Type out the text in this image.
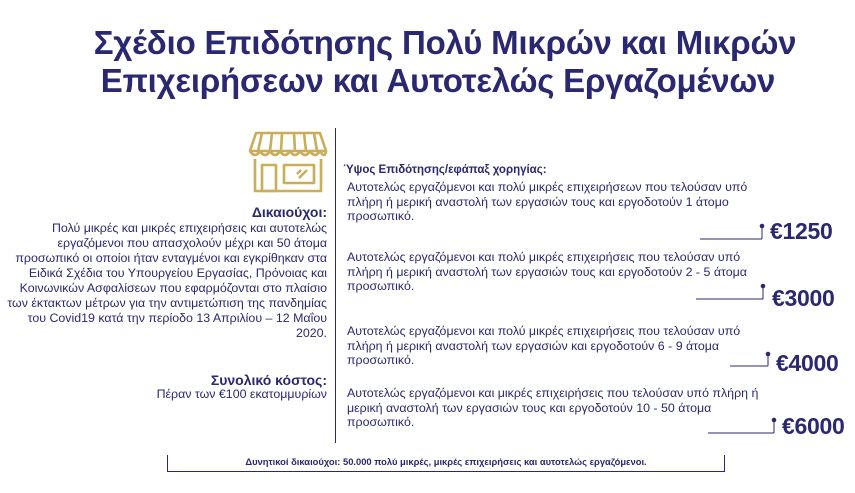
Σχέδιο Επιδότησης Πολύ Μικρών και Μικρών

Επιχειρήσεων και Αυτοτελώς Εργαζομένων
Δικαιούχοι:
Πολύ μικρές και μικρές επιχειρήσεις και αυτοτελώς εργαζόμενοι που απασχολούν μέχρι και 50 άτομα προσωπικό οι οποίοι ήταν ενταγμένοι και εγκρίθηκαν στα Ειδικά Σχέδια του Υπουργείου Εργασίας, Πρόνοιας και Κοινωνικών Ασφαλίσεων που εφαρμόζονται στο πλαίσιο των έκτακτων μέτρων για την αντιμετώπιση της πανδημίας του Covid19 κατά την περίοδο 13 Απριλίου – 12 Μαΐου 2020.
Συνολικό κόστος:
Πέραν των €100 εκατομμυρίων
Ύψος Επιδότησης/εφάπαξ χορηγίας:
Αυτοτελώς εργαζόμενοι και πολύ μικρές επιχειρήσεων που τελούσαν υπό πλήρη ή μερική αναστολή των εργασιών τους και εργοδοτούν 1 άτομο προσωπικό.
Αυτοτελώς εργαζόμενοι και πολύ μικρές επιχειρήσεις που τελούσαν υπό πλήρη ή μερική αναστολή των εργασιών τους και εργοδοτούν 2 - 5 άτομα προσωπικό.
Αυτοτελώς εργαζόμενοι και πολύ μικρές επιχειρήσεις που τελούσαν υπό πλήρη ή μερική αναστολή των εργασιών και εργοδοτούν 6 - 9 άτομα προσωπικό.
Αυτοτελώς εργαζόμενοι και μικρές επιχειρήσεις που τελούσαν υπό πλήρη ή μερική αναστολή των εργασιών τους και εργοδοτούν 10 - 50 άτομα προσωπικό.
€1250
€3000
€4000
€6000
Δυνητικοί δικαιούχοι: 50.000 πολύ μικρές, μικρές επιχειρήσεις και αυτοτελώς εργαζόμενοι.
